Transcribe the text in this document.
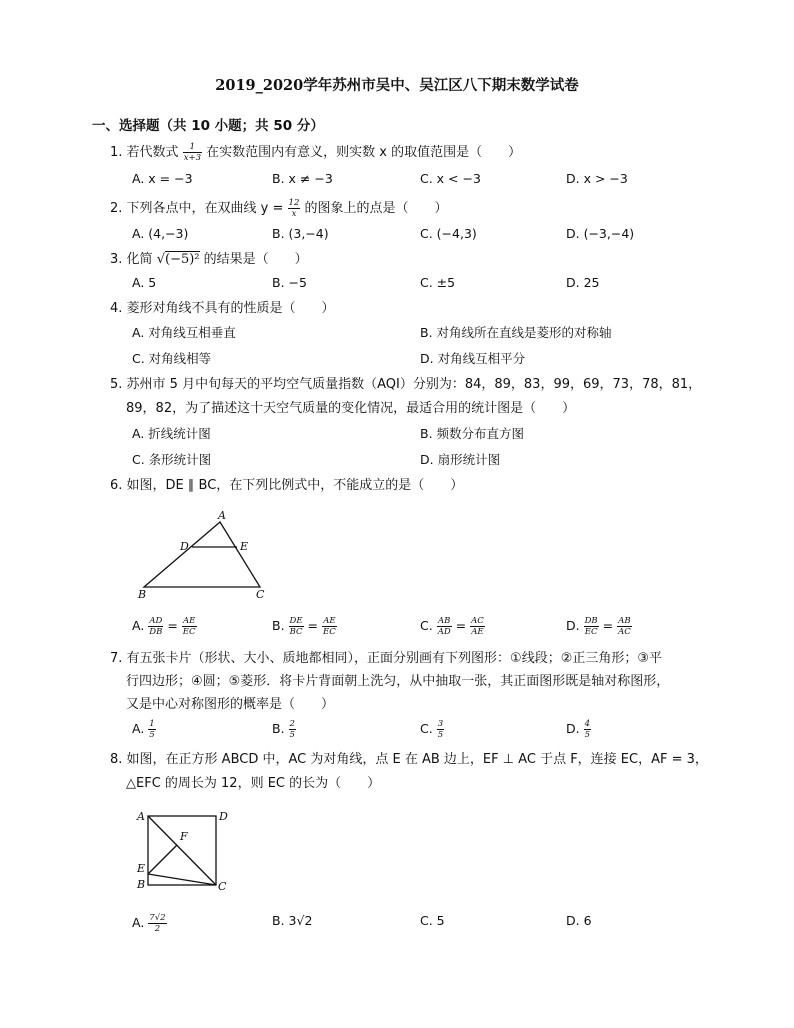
2019_2020学年苏州市吴中、吴江区八下期末数学试卷
一、选择题（共 10 小题；共 50 分）
1. 若代数式 $\frac{1}{x+3}$ 在实数范围内有意义，则实数 x 的取值范围是（　　）
A. x = −3	B. x ≠ −3	C. x < −3	D. x > −3
2. 下列各点中，在双曲线 $y = \frac{12}{x}$ 的图象上的点是（　　）
A. (4,−3)	B. (3,−4)	C. (−4,3)	D. (−3,−4)
3. 化简 √(−5)² 的结果是（　　）
A. 5	B. −5	C. ±5	D. 25
4. 菱形对角线不具有的性质是（　　）
A. 对角线互相垂直	B. 对角线所在直线是菱形的对称轴
C. 对角线相等	D. 对角线互相平分
5. 苏州市 5 月中旬每天的平均空气质量指数（AQI）分别为：84，89，83，99，69，73，78，81，
89，82，为了描述这十天空气质量的变化情况，最适合用的统计图是（　　）
A. 折线统计图	B. 频数分布直方图
C. 条形统计图	D. 扇形统计图
6. 如图，DE ∥ BC，在下列比例式中，不能成立的是（　　）
A
D	E
B	C
A. $\frac{AD}{DB} = \frac{AE}{EC}$	B. $\frac{DE}{BC} = \frac{AE}{EC}$	C. $\frac{AB}{AD} = \frac{AC}{AE}$	D. $\frac{DB}{EC} = \frac{AB}{AC}$
7. 有五张卡片（形状、大小、质地都相同），正面分别画有下列图形：①线段；②正三角形；③平
行四边形；④圆；⑤菱形．将卡片背面朝上洗匀，从中抽取一张，其正面图形既是轴对称图形，
又是中心对称图形的概率是（　　）
A. $\frac{1}{5}$	B. $\frac{2}{5}$	C. $\frac{3}{5}$	D. $\frac{4}{5}$
8. 如图，在正方形 ABCD 中，AC 为对角线，点 E 在 AB 边上，EF ⊥ AC 于点 F，连接 EC，AF = 3，
△EFC 的周长为 12，则 EC 的长为（　　）
A	D
F
E
B	C
A. $\frac{7√2}{2}$	B. 3√2	C. 5	D. 6
